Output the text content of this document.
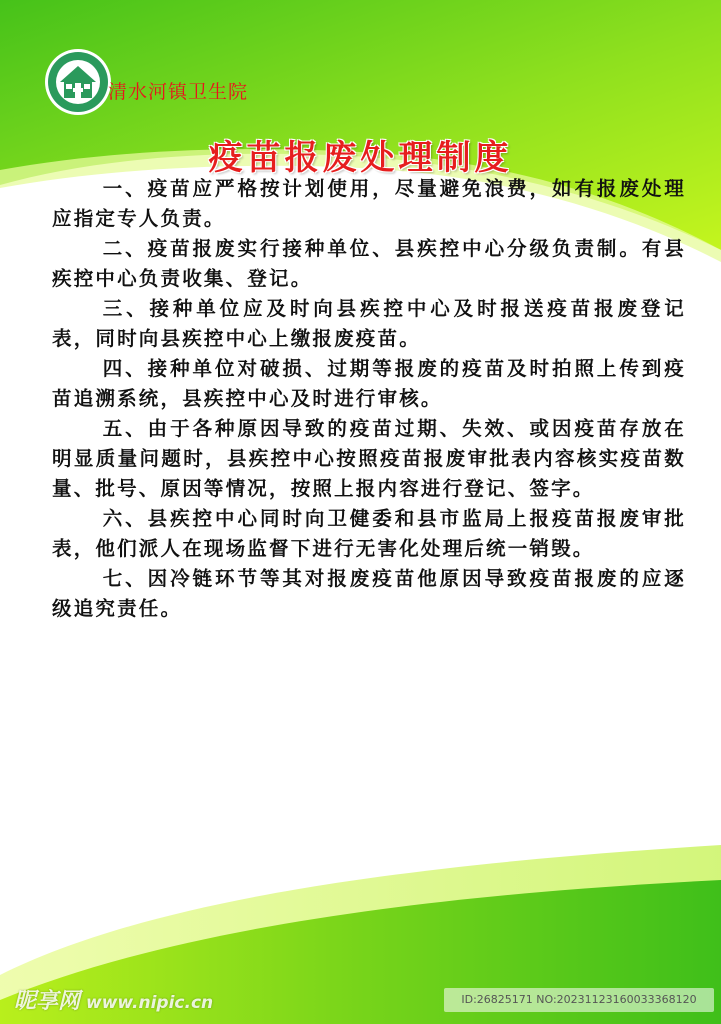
清水河镇卫生院
疫苗报废处理制度

一、疫苗应严格按计划使用，尽量避免浪费，如有报废处理应指定专人负责。

二、疫苗报废实行接种单位、县疾控中心分级负责制。有县疾控中心负责收集、登记。

三、接种单位应及时向县疾控中心及时报送疫苗报废登记表，同时向县疾控中心上缴报废疫苗。

四、接种单位对破损、过期等报废的疫苗及时拍照上传到疫苗追溯系统，县疾控中心及时进行审核。

五、由于各种原因导致的疫苗过期、失效、或因疫苗存放在明显质量问题时，县疾控中心按照疫苗报废审批表内容核实疫苗数量、批号、原因等情况，按照上报内容进行登记、签字。

六、县疾控中心同时向卫健委和县市监局上报疫苗报废审批表，他们派人在现场监督下进行无害化处理后统一销毁。

七、因冷链环节等其对报废疫苗他原因导致疫苗报废的应逐级追究责任。

昵享网 www.nipic.cn	ID:26825171 NO:20231123160033368120
